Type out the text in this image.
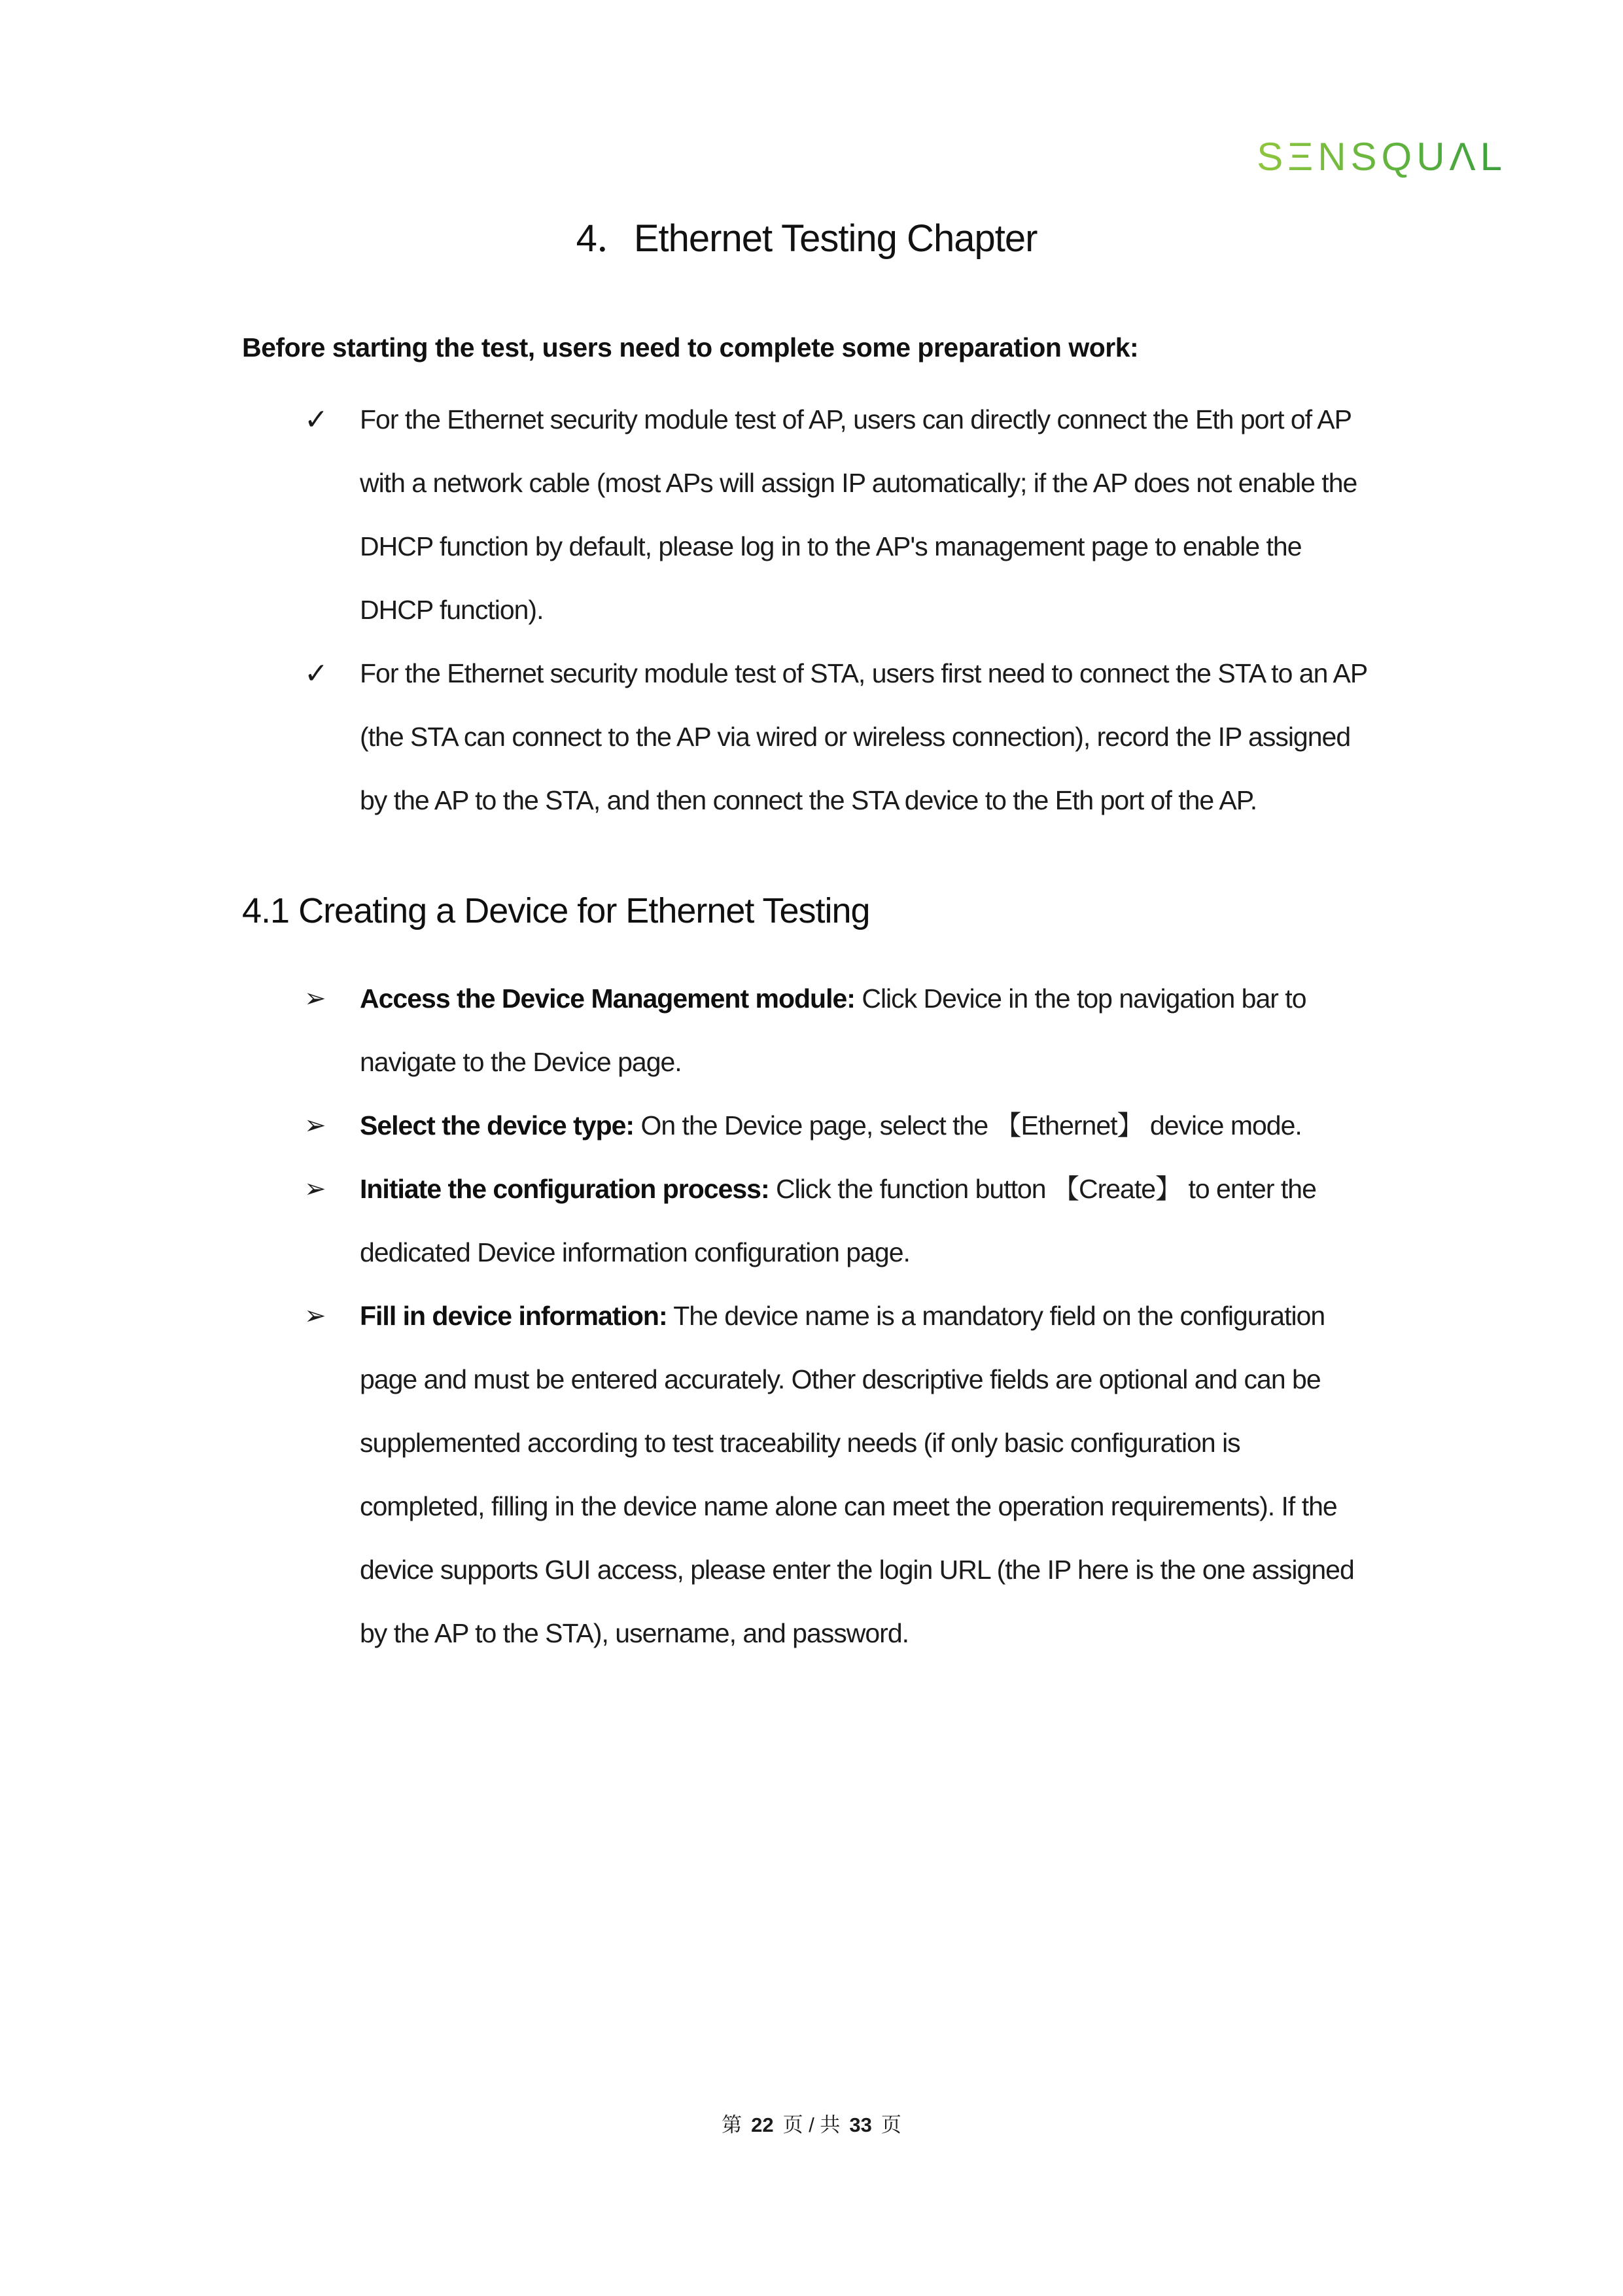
SΞNSQUΛL
4．Ethernet Testing Chapter

Before starting the test, users need to complete some preparation work:

✓	For the Ethernet security module test of AP, users can directly connect the Eth port of AP with a network cable (most APs will assign IP automatically; if the AP does not enable the DHCP function by default, please log in to the AP's management page to enable the DHCP function).
✓	For the Ethernet security module test of STA, users first need to connect the STA to an AP (the STA can connect to the AP via wired or wireless connection), record the IP assigned by the AP to the STA, and then connect the STA device to the Eth port of the AP.
4.1 Creating a Device for Ethernet Testing
➢	Access the Device Management module: Click Device in the top navigation bar to navigate to the Device page.
➢	Select the device type: On the Device page, select the 【Ethernet】 device mode.
➢	Initiate the configuration process: Click the function button 【Create】 to enter the dedicated Device information configuration page.
➢	Fill in device information: The device name is a mandatory field on the configuration page and must be entered accurately. Other descriptive fields are optional and can be supplemented according to test traceability needs (if only basic configuration is completed, filling in the device name alone can meet the operation requirements). If the device supports GUI access, please enter the login URL (the IP here is the one assigned by the AP to the STA), username, and password.
第 22 页 / 共 33 页
